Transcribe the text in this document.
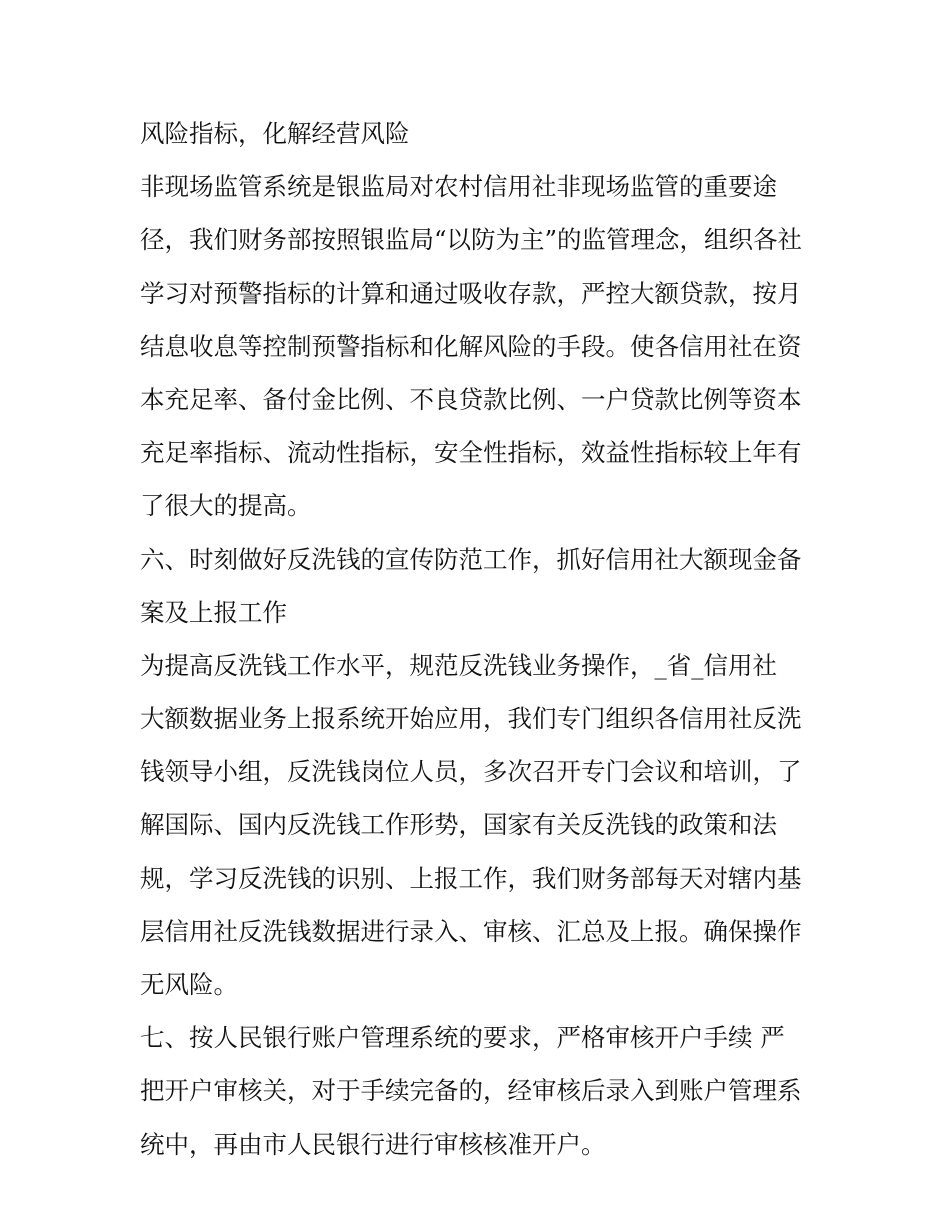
风险指标，化解经营风险
非现场监管系统是银监局对农村信用社非现场监管的重要途
径，我们财务部按照银监局“以防为主”的监管理念，组织各社
学习对预警指标的计算和通过吸收存款，严控大额贷款，按月
结息收息等控制预警指标和化解风险的手段。使各信用社在资
本充足率、备付金比例、不良贷款比例、一户贷款比例等资本
充足率指标、流动性指标，安全性指标，效益性指标较上年有
了很大的提高。
六、时刻做好反洗钱的宣传防范工作，抓好信用社大额现金备
案及上报工作
为提高反洗钱工作水平，规范反洗钱业务操作，_省_信用社
大额数据业务上报系统开始应用，我们专门组织各信用社反洗
钱领导小组，反洗钱岗位人员，多次召开专门会议和培训，了
解国际、国内反洗钱工作形势，国家有关反洗钱的政策和法
规，学习反洗钱的识别、上报工作，我们财务部每天对辖内基
层信用社反洗钱数据进行录入、审核、汇总及上报。确保操作
无风险。
七、按人民银行账户管理系统的要求，严格审核开户手续 严
把开户审核关，对于手续完备的，经审核后录入到账户管理系
统中，再由市人民银行进行审核核准开户。
